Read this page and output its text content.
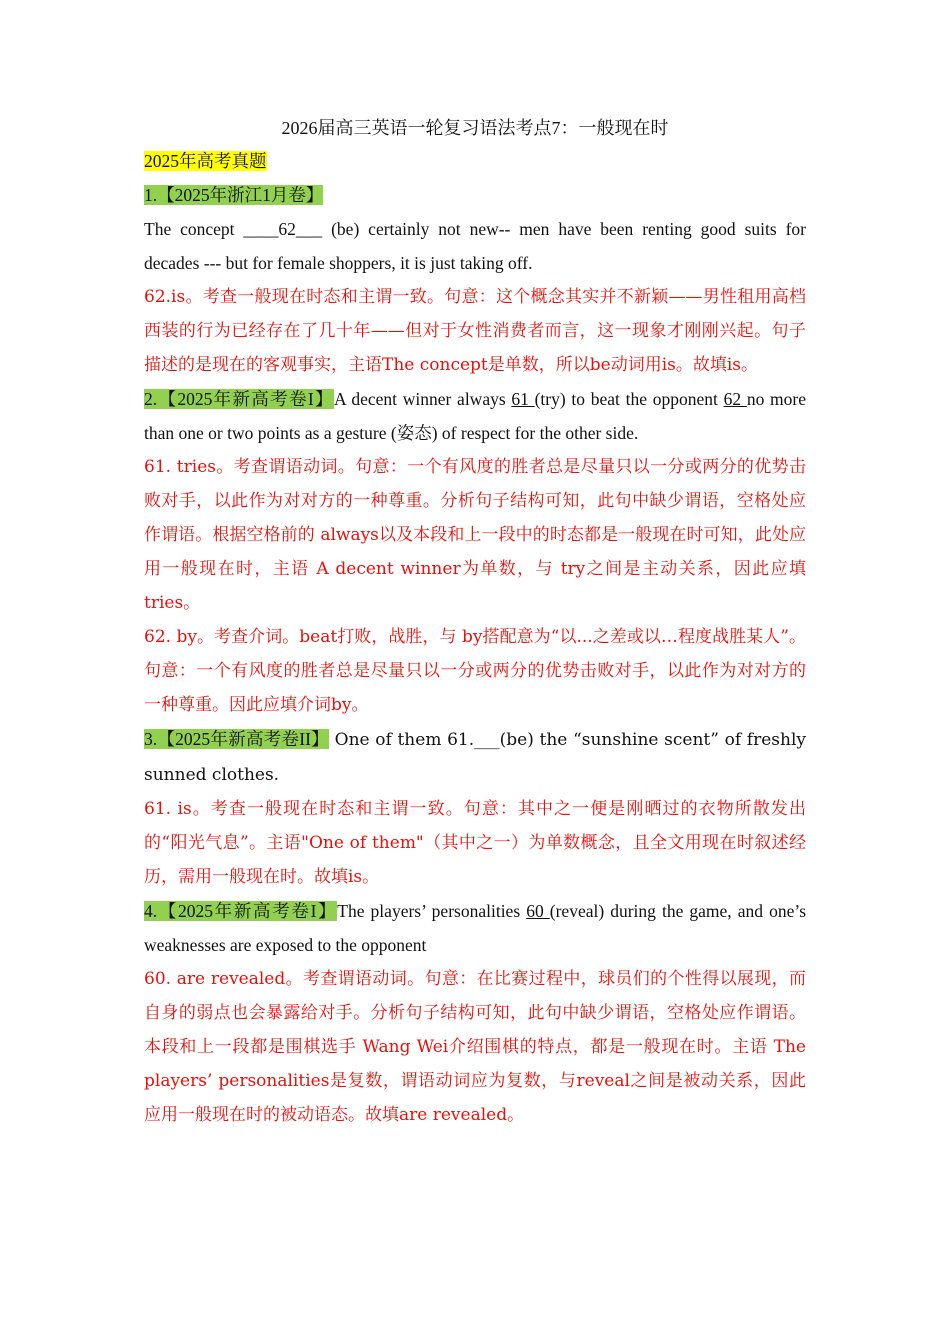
2026届高三英语一轮复习语法考点7：一般现在时

2025年高考真题

1.【2025年浙江1月卷】

The concept ____62___ (be) certainly not new-- men have been renting good suits for decades --- but for female shoppers, it is just taking off.

62.is。考查一般现在时态和主谓一致。句意：这个概念其实并不新颖——男性租用高档西装的行为已经存在了几十年——但对于女性消费者而言，这一现象才刚刚兴起。句子描述的是现在的客观事实，主语The concept是单数，所以be动词用is。故填is。

2.【2025年新高考卷I】A decent winner always 61 (try) to beat the opponent 62 no more than one or two points as a gesture (姿态) of respect for the other side.

61. tries。考查谓语动词。句意：一个有风度的胜者总是尽量只以一分或两分的优势击败对手，以此作为对对方的一种尊重。分析句子结构可知，此句中缺少谓语，空格处应作谓语。根据空格前的 always以及本段和上一段中的时态都是一般现在时可知，此处应用一般现在时，主语 A decent winner为单数，与 try之间是主动关系，因此应填 tries。

62. by。考查介词。beat打败，战胜，与 by搭配意为“以...之差或以…程度战胜某人”。句意：一个有风度的胜者总是尽量只以一分或两分的优势击败对手，以此作为对对方的一种尊重。因此应填介词by。

3.【2025年新高考卷II】 One of them 61.___(be) the “sunshine scent” of freshly sunned clothes.

61. is。考查一般现在时态和主谓一致。句意：其中之一便是刚晒过的衣物所散发出的“阳光气息”。主语"One of them"（其中之一）为单数概念，且全文用现在时叙述经历，需用一般现在时。故填is。

4.【2025年新高考卷I】The players’ personalities 60 (reveal) during the game, and one’s weaknesses are exposed to the opponent

60. are revealed。考查谓语动词。句意：在比赛过程中，球员们的个性得以展现，而自身的弱点也会暴露给对手。分析句子结构可知，此句中缺少谓语，空格处应作谓语。本段和上一段都是围棋选手 Wang Wei介绍围棋的特点，都是一般现在时。主语 The players’ personalities是复数，谓语动词应为复数，与reveal之间是被动关系，因此应用一般现在时的被动语态。故填are revealed。
